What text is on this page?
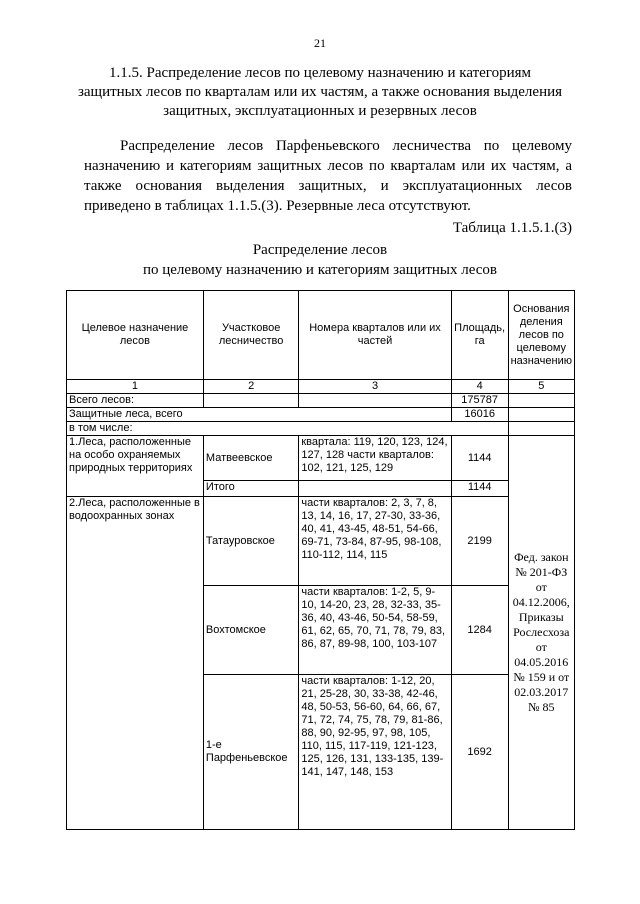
21
1.1.5. Распределение лесов по целевому назначению и категориям
защитных лесов по кварталам или их частям, а также основания выделения
защитных, эксплуатационных и резервных лесов
Распределение лесов Парфеньевского лесничества по целевому
назначению и категориям защитных лесов по кварталам или их частям, а
также основания выделения защитных, и эксплуатационных лесов
приведено в таблицах 1.1.5.(3). Резервные леса отсутствуют.
Таблица 1.1.5.1.(3)
Распределение лесов
по целевому назначению и категориям защитных лесов
Целевое назначение лесов	Участковое лесничество	Номера кварталов или их частей	Площадь, га	Основания деления лесов по целевому назначению
1	2	3	4	5
Всего лесов:			175787	
Защитные леса, всего			16016	
в том числе:				
1.Леса, расположенные на особо охраняемых природных территориях	Матвеевское	квартала: 119, 120, 123, 124, 127, 128 части кварталов: 102, 121, 125, 129	1144	Фед. закон № 201-ФЗ от 04.12.2006, Приказы Рослесхоза от 04.05.2016 № 159 и от 02.03.2017 № 85
	Итого		1144	
2.Леса, расположенные в водоохранных зонах	Татауровское	части кварталов: 2, 3, 7, 8, 13, 14, 16, 17, 27-30, 33-36, 40, 41, 43-45, 48-51, 54-66, 69-71, 73-84, 87-95, 98-108, 110-112, 114, 115	2199	
	Вохтомское	части кварталов: 1-2, 5, 9-10, 14-20, 23, 28, 32-33, 35-36, 40, 43-46, 50-54, 58-59, 61, 62, 65, 70, 71, 78, 79, 83, 86, 87, 89-98, 100, 103-107	1284	
	1-е Парфеньевское	части кварталов: 1-12, 20, 21, 25-28, 30, 33-38, 42-46, 48, 50-53, 56-60, 64, 66, 67, 71, 72, 74, 75, 78, 79, 81-86, 88, 90, 92-95, 97, 98, 105, 110, 115, 117-119, 121-123, 125, 126, 131, 133-135, 139-141, 147, 148, 153	1692	
